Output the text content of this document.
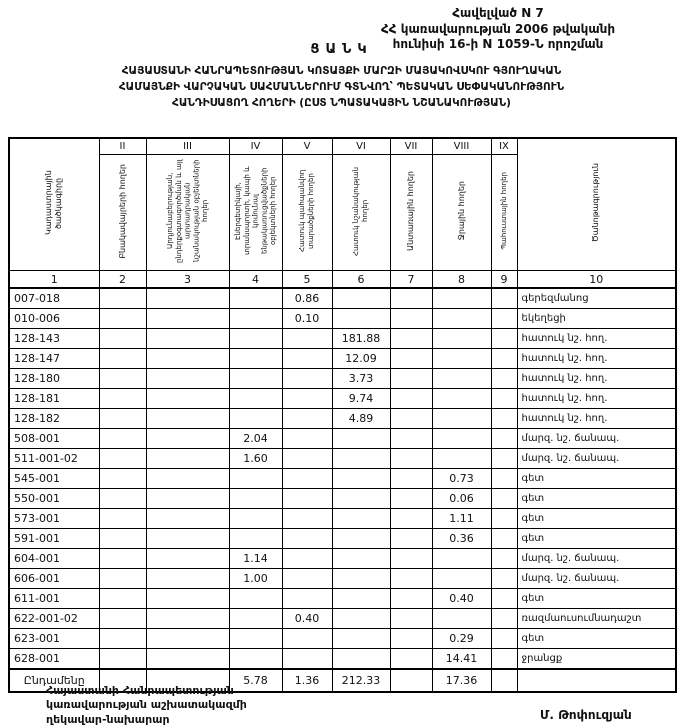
Հավելված N 7
ՀՀ կառավարության 2006 թվականի
հունիսի 16-ի N 1059-Ն որոշման
ՑԱՆԿ
ՀԱՅԱՍՏԱՆԻ ՀԱՆՐԱՊԵՏՈՒԹՅԱՆ ԿՈՏԱՅՔԻ ՄԱՐԶԻ ՄԱՅԱԿՈՎՍԿՈՒ ԳՅՈՒՂԱԿԱՆ
ՀԱՄԱՅՆՔԻ ՎԱՐՉԱԿԱՆ ՍԱՀՄԱՆՆԵՐՈՒՄ ԳՏՆՎՈՂ՝ ՊԵՏԱԿԱՆ ՍԵՓԱԿԱՆՈՒԹՅՈՒՆ
ՀԱՆԴԻՍԱՑՈՂ ՀՈՂԵՐԻ (ԸՍՏ ՆՊԱՏԱԿԱՅԻՆ ՆՇԱՆԱԿՈՒԹՅԱՆ)
Կադաստրային ծածկագիրը	II	III	IV	V	VI	VII	VIII	IX	Ծանոթագրություն
	Բնակավայրերի հողեր	Արդյունաբերության, ընդերքօգտագործման և այլ արտադրական նշանակության օբյեկտների հողեր	Էներգետիկայի, տրանսպորտի, կապի և կոմունալ ենթակառուցվածքների օբյեկտների հողեր	Հատուկ պահպանվող տարածքների հողեր	Հատուկ նշանակության հողեր	Անտառային հողեր	Ջրային հողեր	Պահուստային հողեր	
1	2	3	4	5	6	7	8	9	10
007-018				0.86					գերեզմանոց
010-006				0.10					եկեղեցի
128-143					181.88				հատուկ նշ. հող.
128-147					12.09				հատուկ նշ. հող.
128-180					3.73				հատուկ նշ. հող.
128-181					9.74				հատուկ նշ. հող.
128-182					4.89				հատուկ նշ. հող.
508-001			2.04						մարզ. նշ. ճանապ.
511-001-02			1.60						մարզ. նշ. ճանապ.
545-001							0.73		գետ
550-001							0.06		գետ
573-001							1.11		գետ
591-001							0.36		գետ
604-001			1.14						մարզ. նշ. ճանապ.
606-001			1.00						մարզ. նշ. ճանապ.
611-001							0.40		գետ
622-001-02				0.40					ռազմաուսումնադաշտ
623-001							0.29		գետ
628-001							14.41		ջրանցք
Ընդամենը			5.78	1.36	212.33		17.36		
Հայաստանի Հանրապետության
կառավարության աշխատակազմի
ղեկավար-նախարար	Մ. Թոփուզյան
